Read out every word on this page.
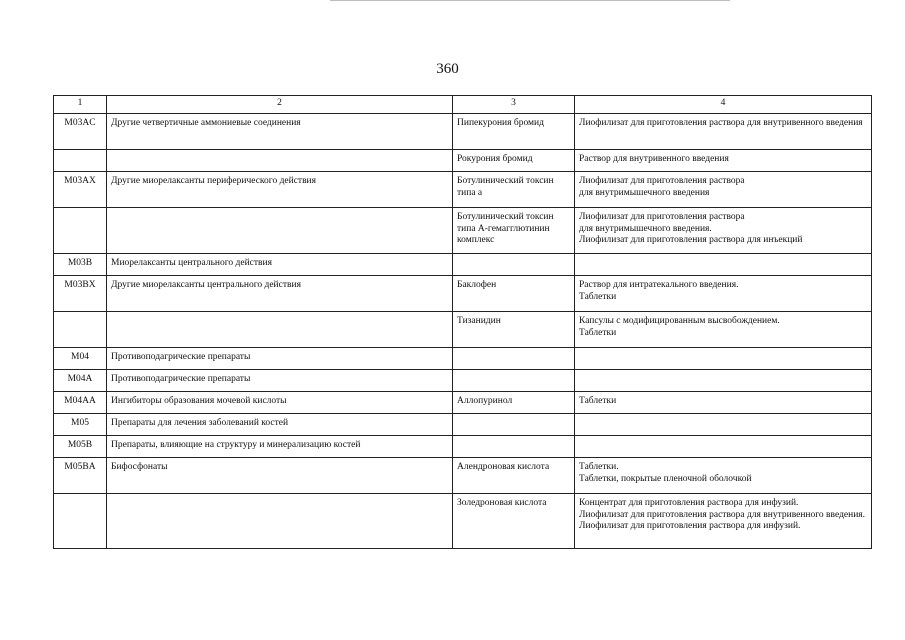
360
1	2	3	4
M03AC	Другие четвертичные аммониевые соединения	Пипекурония бромид	Лиофилизат для приготовления раствора для внутривенного введения

		Рокурония бромид	Раствор для внутривенного введения

M03AX	Другие миорелаксанты периферического действия	Ботулинический токсин типа а	Лиофилизат для приготовления раствора
для внутримышечного введения

		Ботулинический токсин типа А-гемагглютинин комплекс	Лиофилизат для приготовления раствора
для внутримышечного введения.
Лиофилизат для приготовления раствора для инъекций

M03B	Миорелаксанты центрального действия		
M03BX	Другие миорелаксанты центрального действия	Баклофен	Раствор для интратекального введения.
Таблетки

		Тизанидин	Капсулы с модифицированным высвобождением.
Таблетки

M04	Противоподагрические препараты		
M04A	Противоподагрические препараты		
M04AA	Ингибиторы образования мочевой кислоты	Аллопуринол	Таблетки

M05	Препараты для лечения заболеваний костей		
M05B	Препараты, влияющие на структуру и минерализацию костей		
M05BA	Бифосфонаты	Алендроновая кислота	Таблетки.
Таблетки, покрытые пленочной оболочкой

		Золедроновая кислота	Концентрат для приготовления раствора для инфузий.
Лиофилизат для приготовления раствора для внутривенного введения.
Лиофилизат для приготовления раствора для инфузий.
